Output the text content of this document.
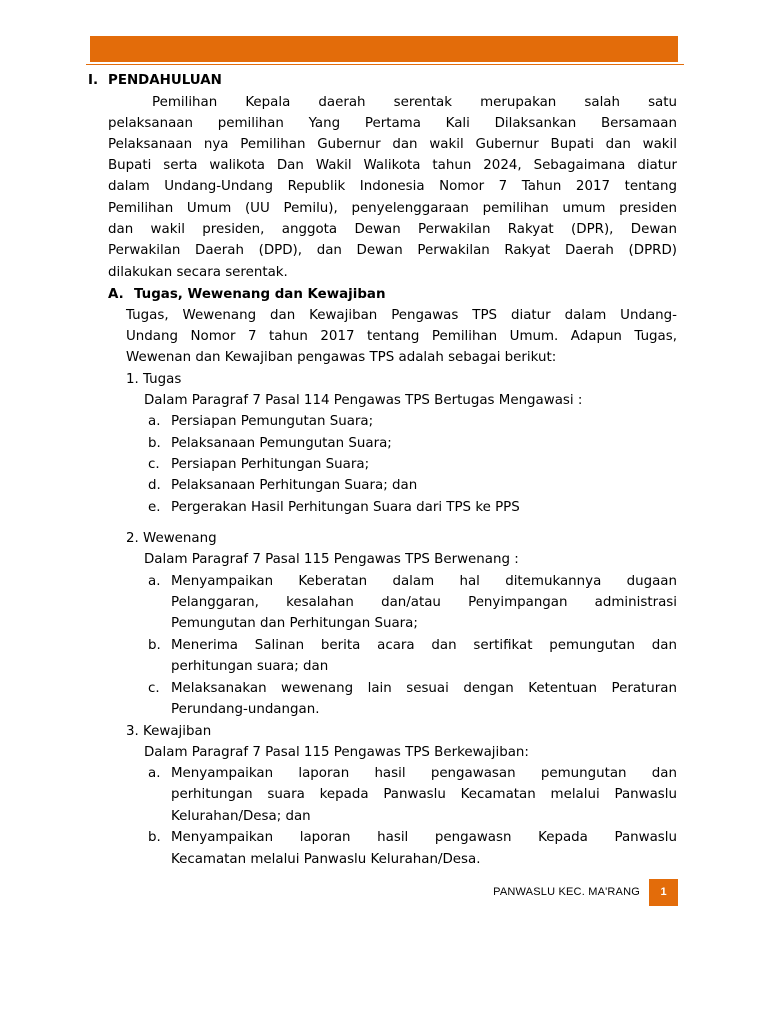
I. PENDAHULUAN
Pemilihan Kepala daerah serentak merupakan salah satu
pelaksanaan pemilihan Yang Pertama Kali Dilaksankan Bersamaan
Pelaksanaan nya Pemilihan Gubernur dan wakil Gubernur Bupati dan wakil
Bupati serta walikota Dan Wakil Walikota tahun 2024, Sebagaimana diatur
dalam Undang-Undang Republik Indonesia Nomor 7 Tahun 2017 tentang
Pemilihan Umum (UU Pemilu), penyelenggaraan pemilihan umum presiden
dan wakil presiden, anggota Dewan Perwakilan Rakyat (DPR), Dewan
Perwakilan Daerah (DPD), dan Dewan Perwakilan Rakyat Daerah (DPRD)
dilakukan secara serentak.
A. Tugas, Wewenang dan Kewajiban
Tugas, Wewenang dan Kewajiban Pengawas TPS diatur dalam Undang-
Undang Nomor 7 tahun 2017 tentang Pemilihan Umum. Adapun Tugas,
Wewenan dan Kewajiban pengawas TPS adalah sebagai berikut:
1. Tugas
Dalam Paragraf 7 Pasal 114 Pengawas TPS Bertugas Mengawasi :
a. Persiapan Pemungutan Suara;
b. Pelaksanaan Pemungutan Suara;
c. Persiapan Perhitungan Suara;
d. Pelaksanaan Perhitungan Suara; dan
e. Pergerakan Hasil Perhitungan Suara dari TPS ke PPS
2. Wewenang
Dalam Paragraf 7 Pasal 115 Pengawas TPS Berwenang :
a. Menyampaikan Keberatan dalam hal ditemukannya dugaan
Pelanggaran, kesalahan dan/atau Penyimpangan administrasi
Pemungutan dan Perhitungan Suara;
b. Menerima Salinan berita acara dan sertifikat pemungutan dan
perhitungan suara; dan
c. Melaksanakan wewenang lain sesuai dengan Ketentuan Peraturan
Perundang-undangan.
3. Kewajiban
Dalam Paragraf 7 Pasal 115 Pengawas TPS Berkewajiban:
a. Menyampaikan laporan hasil pengawasan pemungutan dan
perhitungan suara kepada Panwaslu Kecamatan melalui Panwaslu
Kelurahan/Desa; dan
b. Menyampaikan laporan hasil pengawasn Kepada Panwaslu
Kecamatan melalui Panwaslu Kelurahan/Desa.
PANWASLU KEC. MA'RANG	1
